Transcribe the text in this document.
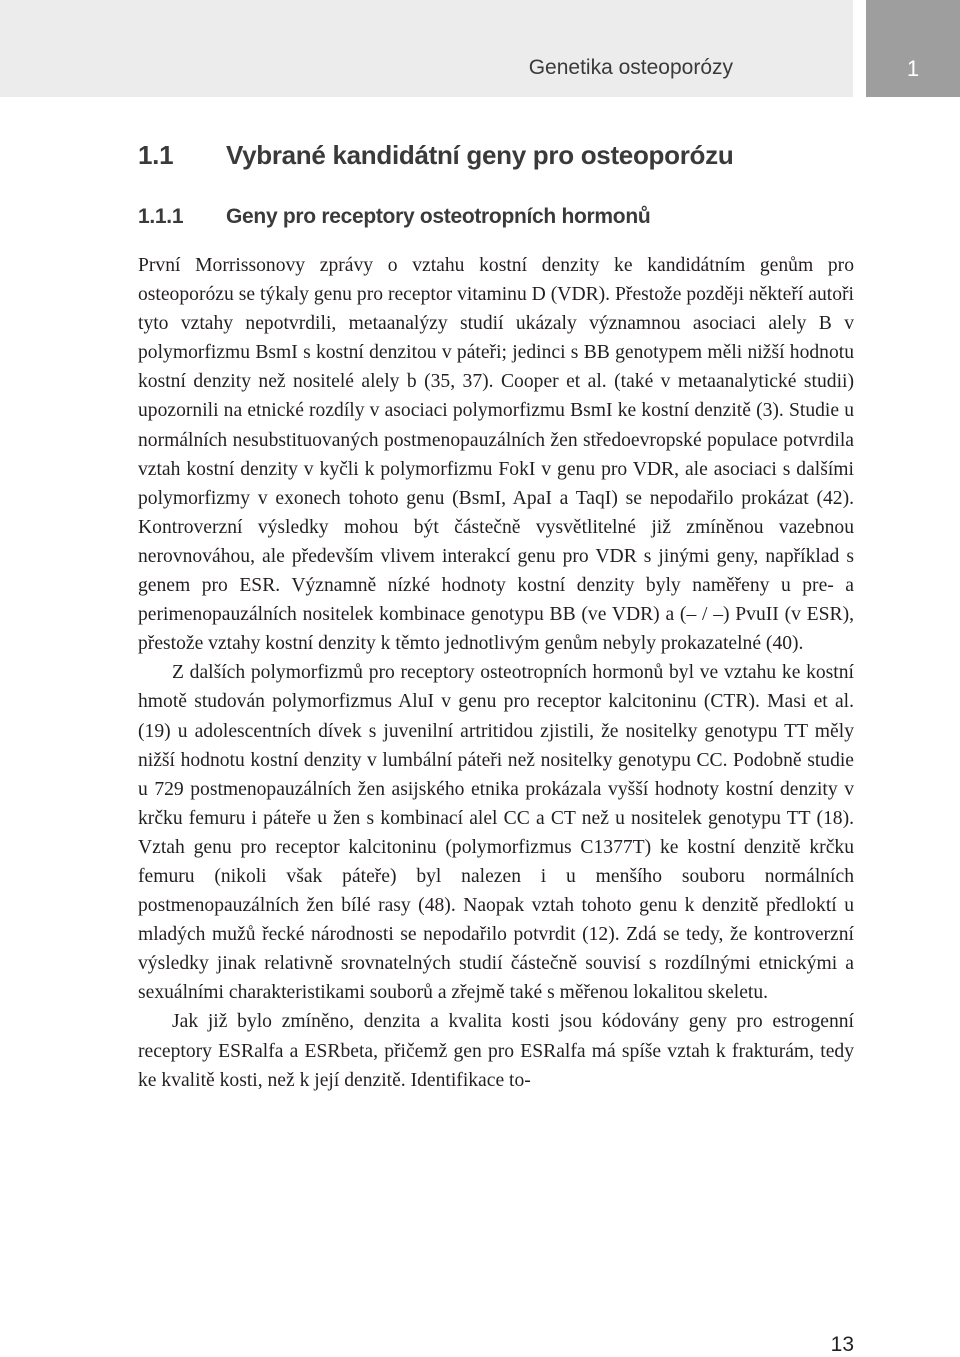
Genetika osteoporózy	1
1.1	Vybrané kandidátní geny pro osteoporózu
1.1.1	Geny pro receptory osteotropních hormonů

První Morrissonovy zprávy o vztahu kostní denzity ke kandidátním genům pro osteoporózu se týkaly genu pro receptor vitaminu D (VDR). Přestože později někteří autoři tyto vztahy nepotvrdili, metaanalýzy studií ukázaly významnou asociaci alely B v polymorfizmu BsmI s kostní denzitou v páteři; jedinci s BB genotypem měli nižší hodnotu kostní denzity než nositelé alely b (35, 37). Cooper et al. (také v metaanalytické studii) upozornili na etnické rozdíly v asociaci polymorfizmu BsmI ke kostní denzitě (3). Studie u normálních nesubstituovaných postmenopauzálních žen středoevropské populace potvrdila vztah kostní denzity v kyčli k polymorfizmu FokI v genu pro VDR, ale asociaci s dalšími polymorfizmy v exonech tohoto genu (BsmI, ApaI a TaqI) se nepodařilo prokázat (42). Kontroverzní výsledky mohou být částečně vysvětlitelné již zmíněnou vazebnou nerovnováhou, ale především vlivem interakcí genu pro VDR s jinými geny, například s genem pro ESR. Významně nízké hodnoty kostní denzity byly naměřeny u pre- a perimenopauzálních nositelek kombinace genotypu BB (ve VDR) a (– / –) PvuII (v ESR), přestože vztahy kostní denzity k těmto jednotlivým genům nebyly prokazatelné (40).

Z dalších polymorfizmů pro receptory osteotropních hormonů byl ve vztahu ke kostní hmotě studován polymorfizmus AluI v genu pro receptor kalcitoninu (CTR). Masi et al. (19) u adolescentních dívek s juvenilní artritidou zjistili, že nositelky genotypu TT měly nižší hodnotu kostní denzity v lumbální páteři než nositelky genotypu CC. Podobně studie u 729 postmenopauzálních žen asijského etnika prokázala vyšší hodnoty kostní denzity v krčku femuru i páteře u žen s kombinací alel CC a CT než u nositelek genotypu TT (18). Vztah genu pro receptor kalcitoninu (polymorfizmus C1377T) ke kostní denzitě krčku femuru (nikoli však páteře) byl nalezen i u menšího souboru normálních postmenopauzálních žen bílé rasy (48). Naopak vztah tohoto genu k denzitě předloktí u mladých mužů řecké národnosti se nepodařilo potvrdit (12). Zdá se tedy, že kontroverzní výsledky jinak relativně srovnatelných studií částečně souvisí s rozdílnými etnickými a sexuálními charakteristikami souborů a zřejmě také s měřenou lokalitou skeletu.

Jak již bylo zmíněno, denzita a kvalita kosti jsou kódovány geny pro estrogenní receptory ESRalfa a ESRbeta, přičemž gen pro ESRalfa má spíše vztah k frakturám, tedy ke kvalitě kosti, než k její denzitě. Identifikace to-

13
